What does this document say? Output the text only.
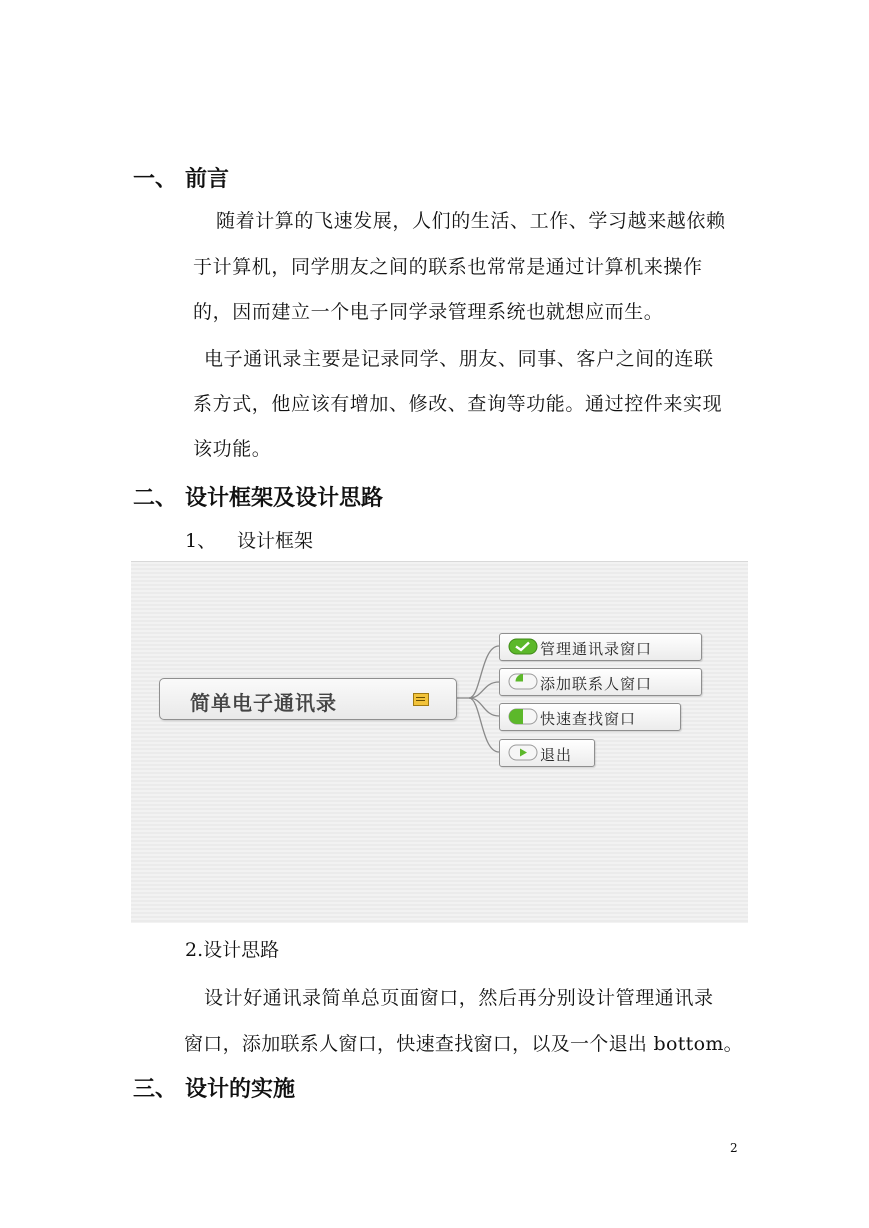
一、 前言
随着计算的飞速发展，人们的生活、工作、学习越来越依赖
于计算机，同学朋友之间的联系也常常是通过计算机来操作
的，因而建立一个电子同学录管理系统也就想应而生。
电子通讯录主要是记录同学、朋友、同事、客户之间的连联
系方式，他应该有增加、修改、查询等功能。通过控件来实现
该功能。
二、 设计框架及设计思路
1、 设计框架
简单电子通讯录
管理通讯录窗口
添加联系人窗口
快速查找窗口
退出
2.设计思路
设计好通讯录简单总页面窗口，然后再分别设计管理通讯录
窗口，添加联系人窗口，快速查找窗口，以及一个退出 bottom。
三、 设计的实施
2
